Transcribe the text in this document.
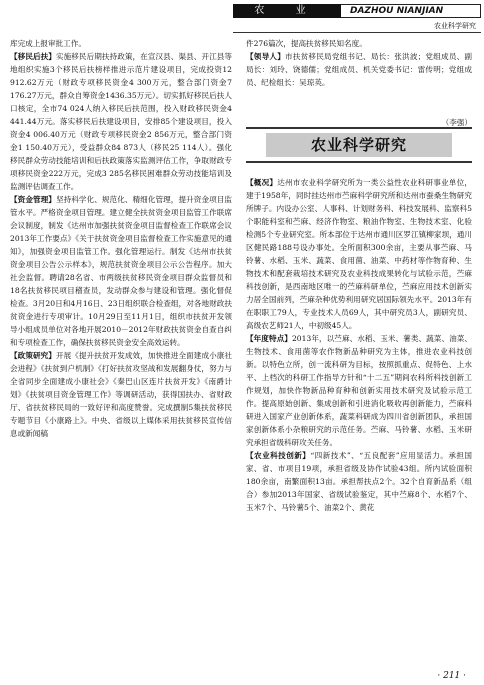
农 业	DAZHOU NIANJIAN
农业科学研究

库完成上报审批工作。

【移民后扶】实施移民后期扶持政策，在宣汉县、渠县、开江县等地组织实施3个移民后扶榜样推进示范片建设项目，完成投资12 912.62万元（财政专项移民资金4 300万元，整合部门资金7 176.27万元，群众自筹资金1436.35万元）。切实抓好移民后扶人口核定，全市74 024人纳入移民后扶范围，投入财政移民资金4 441.44万元。落实移民后扶建设项目，安排85个建设项目，投入资金4 006.40万元（财政专项移民资金2 856万元，整合部门资金1 150.40万元），受益群众84 873人（移民25 114人）。强化移民群众劳动技能培训和后扶政策落实监测评估工作，争取财政专项移民资金222万元，完成3 285名移民困难群众劳动技能培训及监测评估调查工作。

【资金管理】坚持科学化、规范化、精细化管理，提升资金项目监管水平。严格资金项目管理。建立健全扶贫资金项目监管工作联席会议制度，制发《达州市加强扶贫资金项目监督检查工作联席会议2013年工作要点》《关于扶贫资金项目监督检查工作实施意见的通知》，加强资金项目监管工作。强化管理运行。制发《达州市扶贫资金项目公告公示样本》，规范扶贫资金项目公示公告程序。加大社会监督。聘请28名省、市两级扶贫移民资金项目群众监督员和18名扶贫移民项目稽查员，发动群众参与建设和管理。强化督促检查。3月20日和4月16日、23日组织联合检查组，对各地财政扶贫资金进行专项审计。10月29日至11月1日，组织市扶贫开发领导小组成员单位对各地开展2010－2012年财政扶贫资金自查自纠和专项检查工作，确保扶贫移民资金安全高效运转。

【政策研究】开展《提升扶贫开发成效，加快推进全面建成小康社会进程》《扶贫到户机制》《打好扶贫攻坚战和发展翻身仗，努力与全省同步全面建成小康社会》《秦巴山区连片扶贫开发》《南爵计划》《扶贫项目资金管理工作》等调研活动，获得国扶办、省财政厅、省扶贫移民局的一致好评和高度赞誉。完成撰制5集扶贫移民专题节目《小康路上》。中央、省级以上媒体采用扶贫移民宣传信息或新闻稿

件276篇次，提高扶贫移民知名度。

【领导人】市扶贫移民局党组书记、局长：张洪波；党组成员、副局长：刘玲、饶德儒；党组成员、机关党委书记：雷传明；党组成员、纪检组长：吴琼英。

（李强）
农业科学研究

【概况】达州市农业科学研究所为一类公益性农业科研事业单位，建于1958年，同时挂达州市苎麻科学研究所和达州市蚕桑生物研究所牌子。内设办公室、人事科、计划财务科、科技发展科、监察科5个职能科室和苎麻、经济作物室、粮油作物室、生物技术室、化验检测5个专业研究室。所本部位于达州市通川区罗江镇柳家坝，通川区健民路188号设办事处。全所面积300余亩，主要从事苎麻、马铃薯、水稻、玉米、蔬菜、食用菌、油菜、中药材等作物育种、生物技术和配套栽培技术研究及农业科技成果转化与试验示范，苎麻科技创新，是西南地区唯一的苎麻科研单位，苎麻应用技术创新实力居全国前列，苎麻杂种优势利用研究居国际领先水平。2013年有在职职工79人，专业技术人员69人，其中研究员3人，副研究员、高级农艺师21人，中初级45人。

【年度特点】2013年，以苎麻、水稻、玉米、薯类、蔬菜、油菜、生物技术、食用菌等农作物新品种研究为主体，推进农业科技创新。以特色立所，创一流科研为目标，按照抓重点、促特色、上水平、上档次的科研工作指导方针和“十二五”期间农科所科技创新工作规划，加快作物新品种育种和创新实用技术研究及试验示范工作。提高原始创新、集成创新和引进消化吸收再创新能力，苎麻科研进入国家产业创新体系，蔬菜科研成为四川省创新团队，承担国家创新体系小杂粮研究的示范任务。苎麻、马铃薯、水稻、玉米研究承担省级科研攻关任务。

【农业科技创新】“四新技术”、“五良配套”应用显活力。承担国家、省、市项目19项，承担省级及协作试验43组。所内试验面积180余亩，南繁面积13亩。承担帮扶点2个。32个自育新品系（组合）参加2013年国家、省级试验鉴定，其中苎麻8个、水稻7个、玉米7个、马铃薯5个、油菜2个、黄花

· 211 ·
